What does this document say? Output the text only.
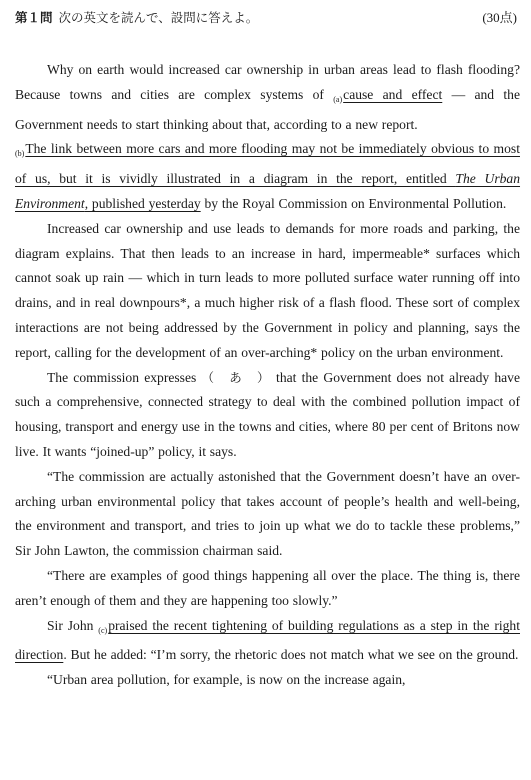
第１問 次の英文を読んで、設問に答えよ。	(30点)

Why on earth would increased car ownership in urban areas lead to flash flooding? Because towns and cities are complex systems of $_{(a)}$cause and effect — and the Government needs to start thinking about that, according to a new report.

$_{(b)}$The link between more cars and more flooding may not be immediately obvious to most of us, but it is vividly illustrated in a diagram in the report, entitled The Urban Environment, published yesterday by the Royal Commission on Environmental Pollution.

Increased car ownership and use leads to demands for more roads and parking, the diagram explains. That then leads to an increase in hard, impermeable* surfaces which cannot soak up rain — which in turn leads to more polluted surface water running off into drains, and in real downpours*, a much higher risk of a flash flood. These sort of complex interactions are not being addressed by the Government in policy and planning, says the report, calling for the development of an over-arching* policy on the urban environment.

The commission expresses （　あ　） that the Government does not already have such a comprehensive, connected strategy to deal with the combined pollution impact of housing, transport and energy use in the towns and cities, where 80 per cent of Britons now live. It wants “joined-up” policy, it says.

“The commission are actually astonished that the Government doesn’t have an over-arching urban environmental policy that takes account of people’s health and well-being, the environment and transport, and tries to join up what we do to tackle these problems,” Sir John Lawton, the commission chairman said.

“There are examples of good things happening all over the place. The thing is, there aren’t enough of them and they are happening too slowly.”

Sir John $_{(c)}$praised the recent tightening of building regulations as a step in the right direction. But he added: “I’m sorry, the rhetoric does not match what we see on the ground.

“Urban area pollution, for example, is now on the increase again,
